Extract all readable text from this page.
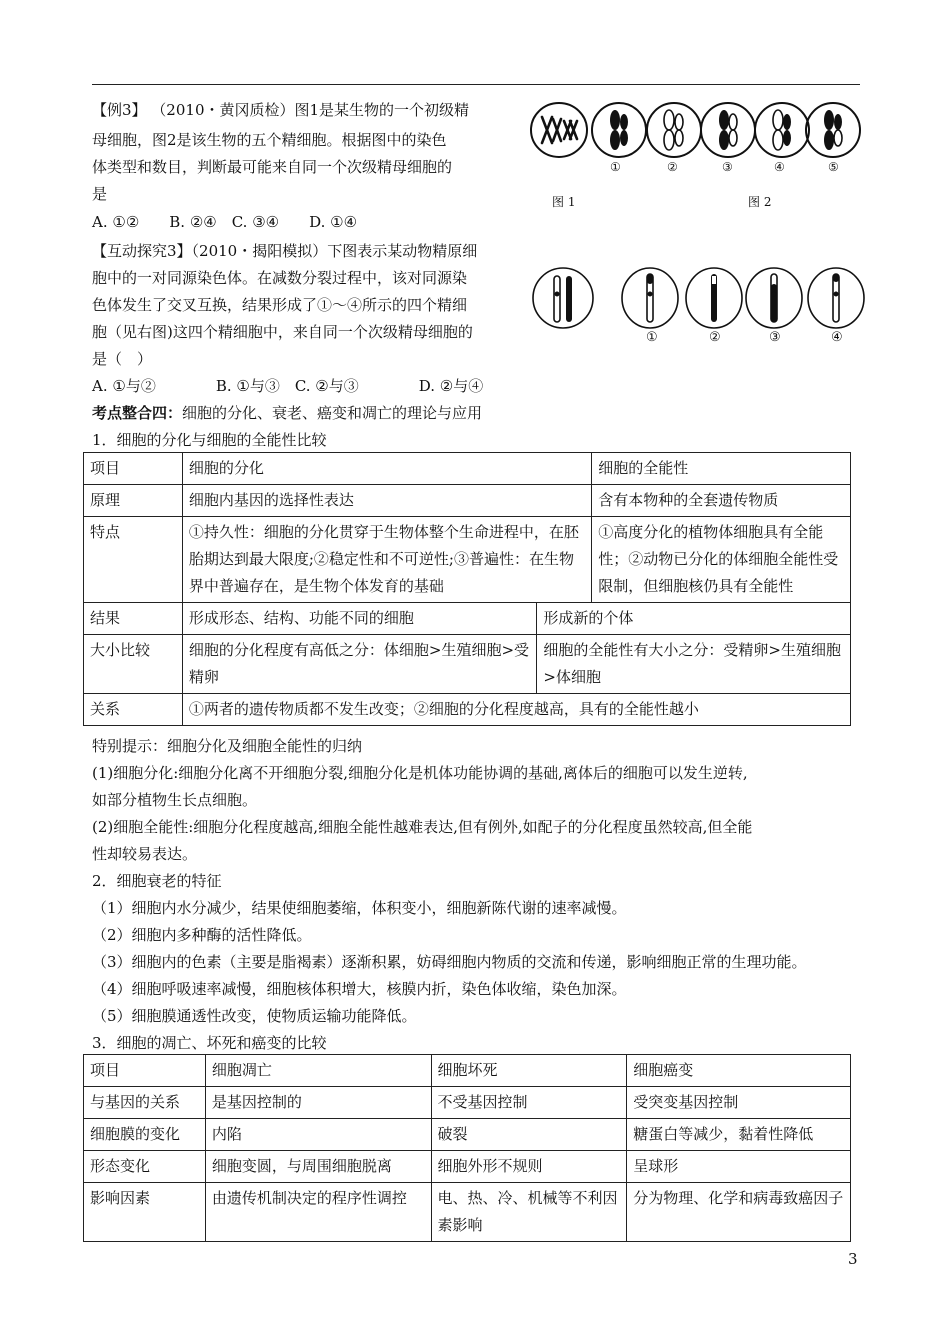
【例3】 （2010・黄冈质检）图1是某生物的一个初级精
母细胞，图2是该生物的五个精细胞。根据图中的染色
体类型和数目，判断最可能来自同一个次级精母细胞的
是
A. ①②　　B. ②④　C. ③④　　D. ①④
①	②	③	④	⑤
图 1	图 2
【互动探究3】（2010・揭阳模拟）下图表示某动物精原细
胞中的一对同源染色体。在减数分裂过程中，该对同源染
色体发生了交叉互换，结果形成了①～④所示的四个精细
胞（见右图)这四个精细胞中，来自同一个次级精母细胞的
是（　）
A. ①与②　　　　B. ①与③　C. ②与③　　　　D. ②与④
①	②	③	④
考点整合四：细胞的分化、衰老、癌变和凋亡的理论与应用
1．细胞的分化与细胞的全能性比较
项目	细胞的分化		细胞的全能性
原理	细胞内基因的选择性表达		含有本物种的全套遗传物质
特点	①持久性：细胞的分化贯穿于生物体整个生命进程中，在胚胎期达到最大限度;②稳定性和不可逆性;③普遍性：在生物界中普遍存在，是生物个体发育的基础		①高度分化的植物体细胞具有全能性；②动物已分化的体细胞全能性受限制，但细胞核仍具有全能性
结果	形成形态、结构、功能不同的细胞	形成新的个体	
大小比较	细胞的分化程度有高低之分：体细胞>生殖细胞>受精卵	细胞的全能性有大小之分：受精卵>生殖细胞>体细胞	
关系	①两者的遗传物质都不发生改变；②细胞的分化程度越高，具有的全能性越小		
特别提示：细胞分化及细胞全能性的归纳
(1)细胞分化:细胞分化离不开细胞分裂,细胞分化是机体功能协调的基础,离体后的细胞可以发生逆转,
如部分植物生长点细胞。
(2)细胞全能性:细胞分化程度越高,细胞全能性越难表达,但有例外,如配子的分化程度虽然较高,但全能
性却较易表达。
2．细胞衰老的特征
（1）细胞内水分减少，结果使细胞萎缩，体积变小，细胞新陈代谢的速率减慢。
（2）细胞内多种酶的活性降低。
（3）细胞内的色素（主要是脂褐素）逐渐积累，妨碍细胞内物质的交流和传递，影响细胞正常的生理功能。
（4）细胞呼吸速率减慢，细胞核体积增大，核膜内折，染色体收缩，染色加深。
（5）细胞膜通透性改变，使物质运输功能降低。
3．细胞的凋亡、坏死和癌变的比较
项目	细胞凋亡	细胞坏死	细胞癌变
与基因的关系	是基因控制的	不受基因控制	受突变基因控制
细胞膜的变化	内陷	破裂	糖蛋白等减少，黏着性降低
形态变化	细胞变圆，与周围细胞脱离	细胞外形不规则	呈球形
影响因素	由遗传机制决定的程序性调控	电、热、冷、机械等不利因素影响	分为物理、化学和病毒致癌因子
3
